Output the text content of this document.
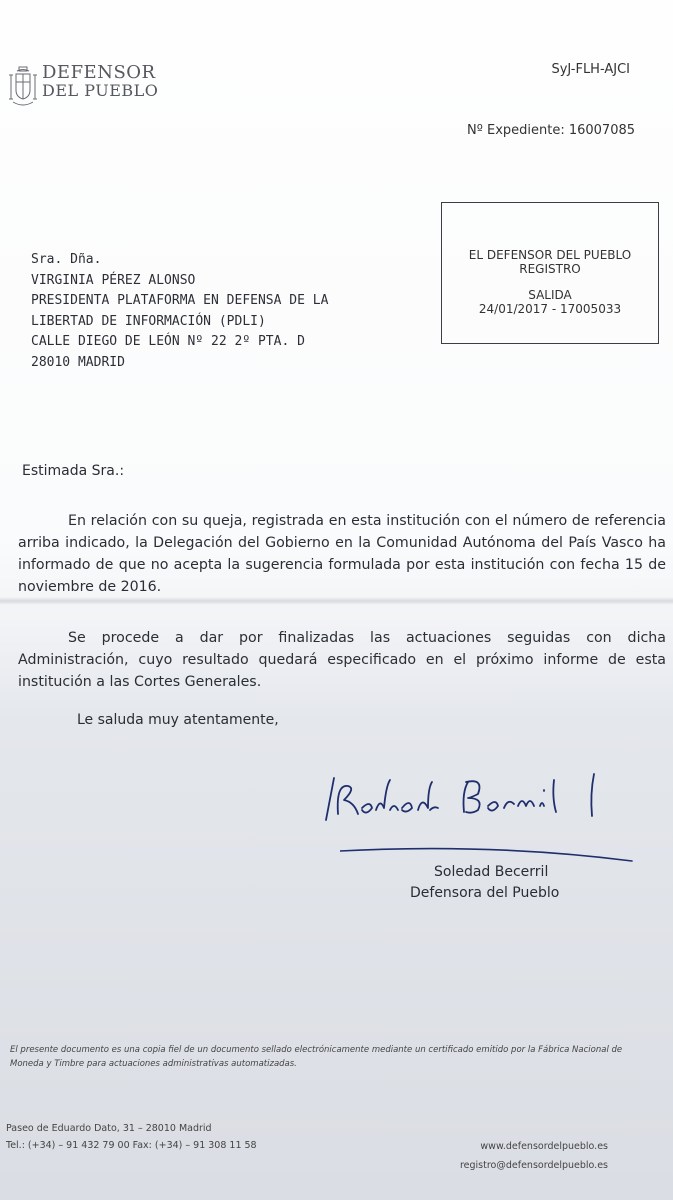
DEFENSOR
DEL PUEBLO
SyJ-FLH-AJCI
Nº Expediente: 16007085
EL DEFENSOR DEL PUEBLO
REGISTRO
SALIDA
24/01/2017 - 17005033
Sra. Dña.
VIRGINIA PÉREZ ALONSO
PRESIDENTA PLATAFORMA EN DEFENSA DE LA
LIBERTAD DE INFORMACIÓN (PDLI)
CALLE DIEGO DE LEÓN Nº 22 2º PTA. D
28010 MADRID
Estimada Sra.:
En relación con su queja, registrada en esta institución con el número de referencia arriba indicado, la Delegación del Gobierno en la Comunidad Autónoma del País Vasco ha informado de que no acepta la sugerencia formulada por esta institución con fecha 15 de noviembre de 2016.
Se procede a dar por finalizadas las actuaciones seguidas con dicha Administración, cuyo resultado quedará especificado en el próximo informe de esta institución a las Cortes Generales.
Le saluda muy atentamente,
Soledad Becerril
Defensora del Pueblo
El presente documento es una copia fiel de un documento sellado electrónicamente mediante un certificado emitido por la Fábrica Nacional de Moneda y Timbre para actuaciones administrativas automatizadas.
Paseo de Eduardo Dato, 31 – 28010 Madrid
Tel.: (+34) – 91 432 79 00 Fax: (+34) – 91 308 11 58	www.defensordelpueblo.es
registro@defensordelpueblo.es
